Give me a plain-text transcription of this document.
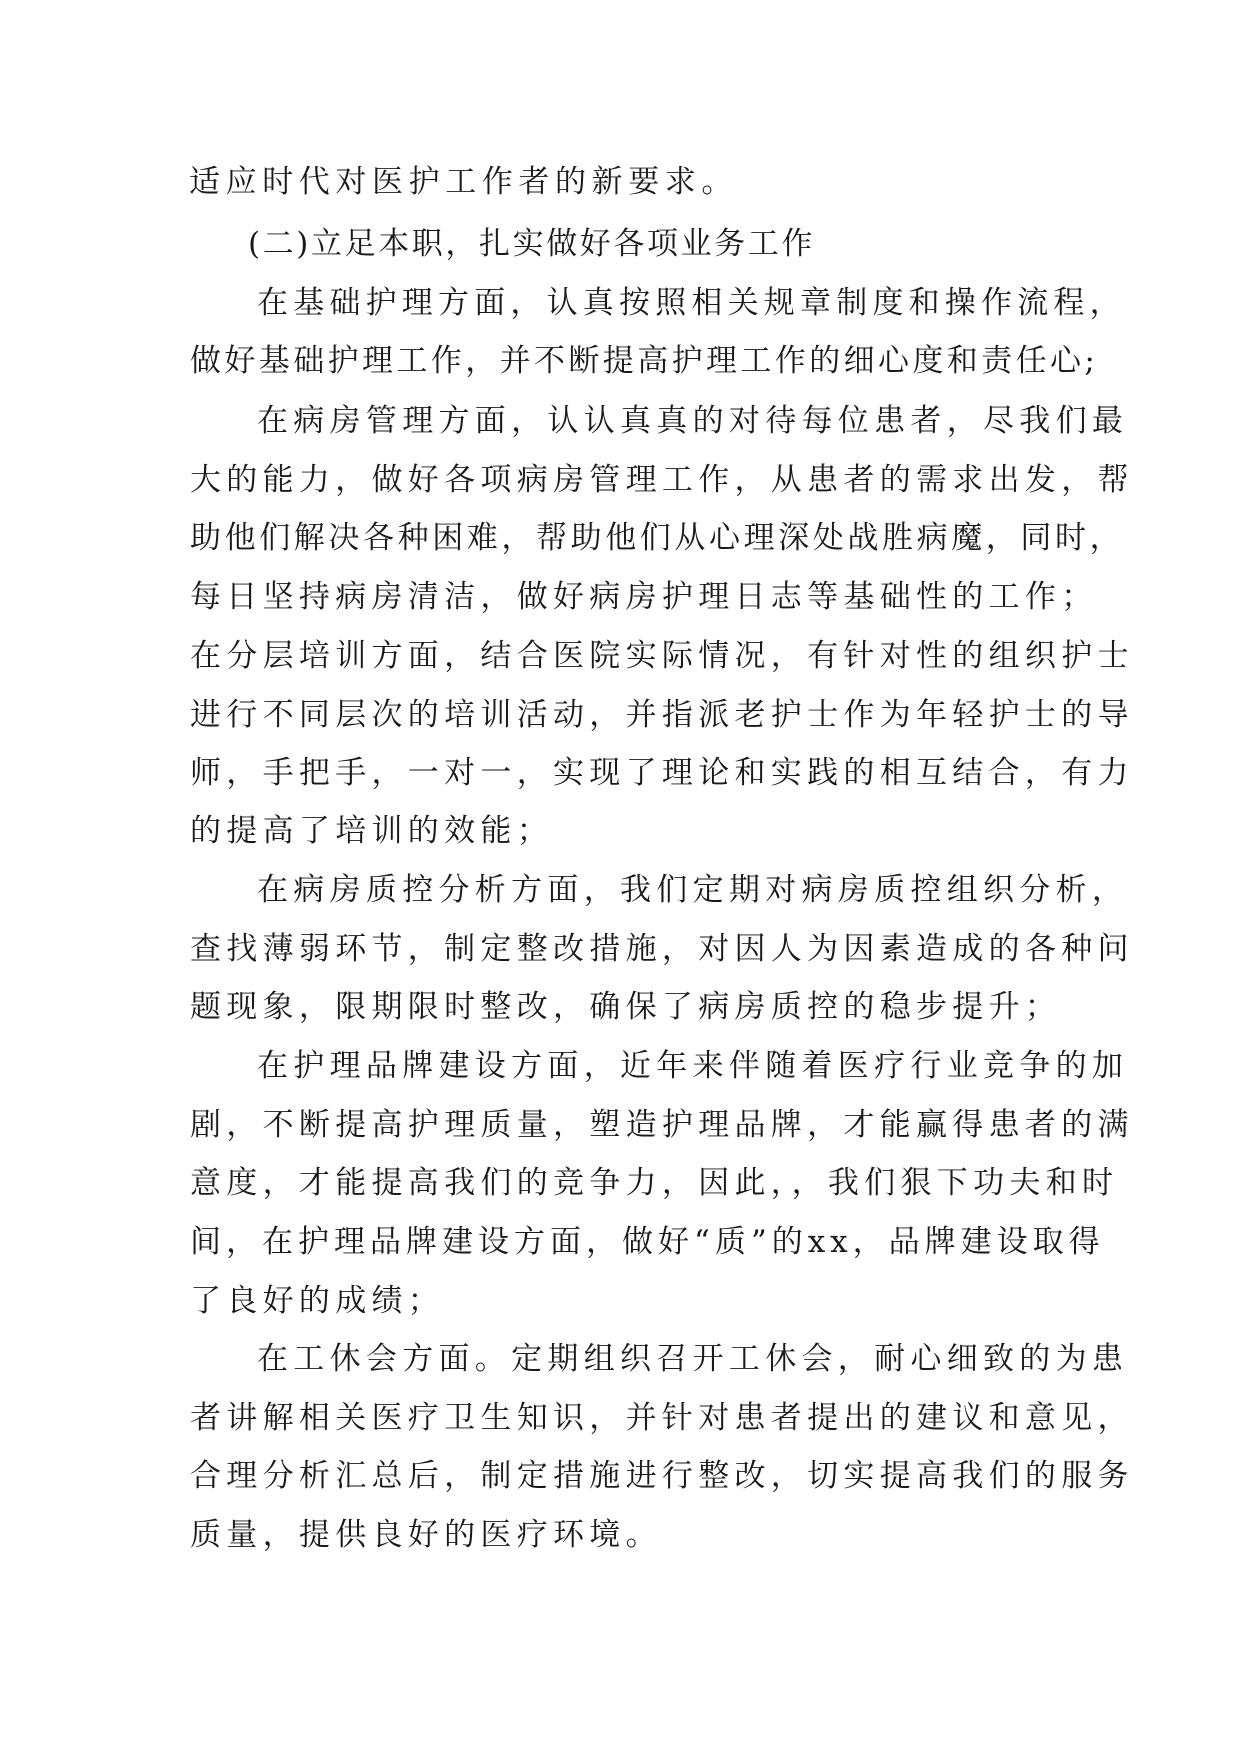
适应时代对医护工作者的新要求。
(二)立足本职，扎实做好各项业务工作
在基础护理方面，认真按照相关规章制度和操作流程，
做好基础护理工作，并不断提高护理工作的细心度和责任心;
在病房管理方面，认认真真的对待每位患者，尽我们最
大的能力，做好各项病房管理工作，从患者的需求出发，帮
助他们解决各种困难，帮助他们从心理深处战胜病魔，同时，
每日坚持病房清洁，做好病房护理日志等基础性的工作；
在分层培训方面，结合医院实际情况，有针对性的组织护士
进行不同层次的培训活动，并指派老护士作为年轻护士的导
师，手把手，一对一，实现了理论和实践的相互结合，有力
的提高了培训的效能；
在病房质控分析方面，我们定期对病房质控组织分析，
查找薄弱环节，制定整改措施，对因人为因素造成的各种问
题现象，限期限时整改，确保了病房质控的稳步提升；
在护理品牌建设方面，近年来伴随着医疗行业竞争的加
剧，不断提高护理质量，塑造护理品牌，才能赢得患者的满
意度，才能提高我们的竞争力，因此，，我们狠下功夫和时
间，在护理品牌建设方面，做好“质”的xx，品牌建设取得
了良好的成绩；
在工休会方面。定期组织召开工休会，耐心细致的为患
者讲解相关医疗卫生知识，并针对患者提出的建议和意见，
合理分析汇总后，制定措施进行整改，切实提高我们的服务
质量，提供良好的医疗环境。
